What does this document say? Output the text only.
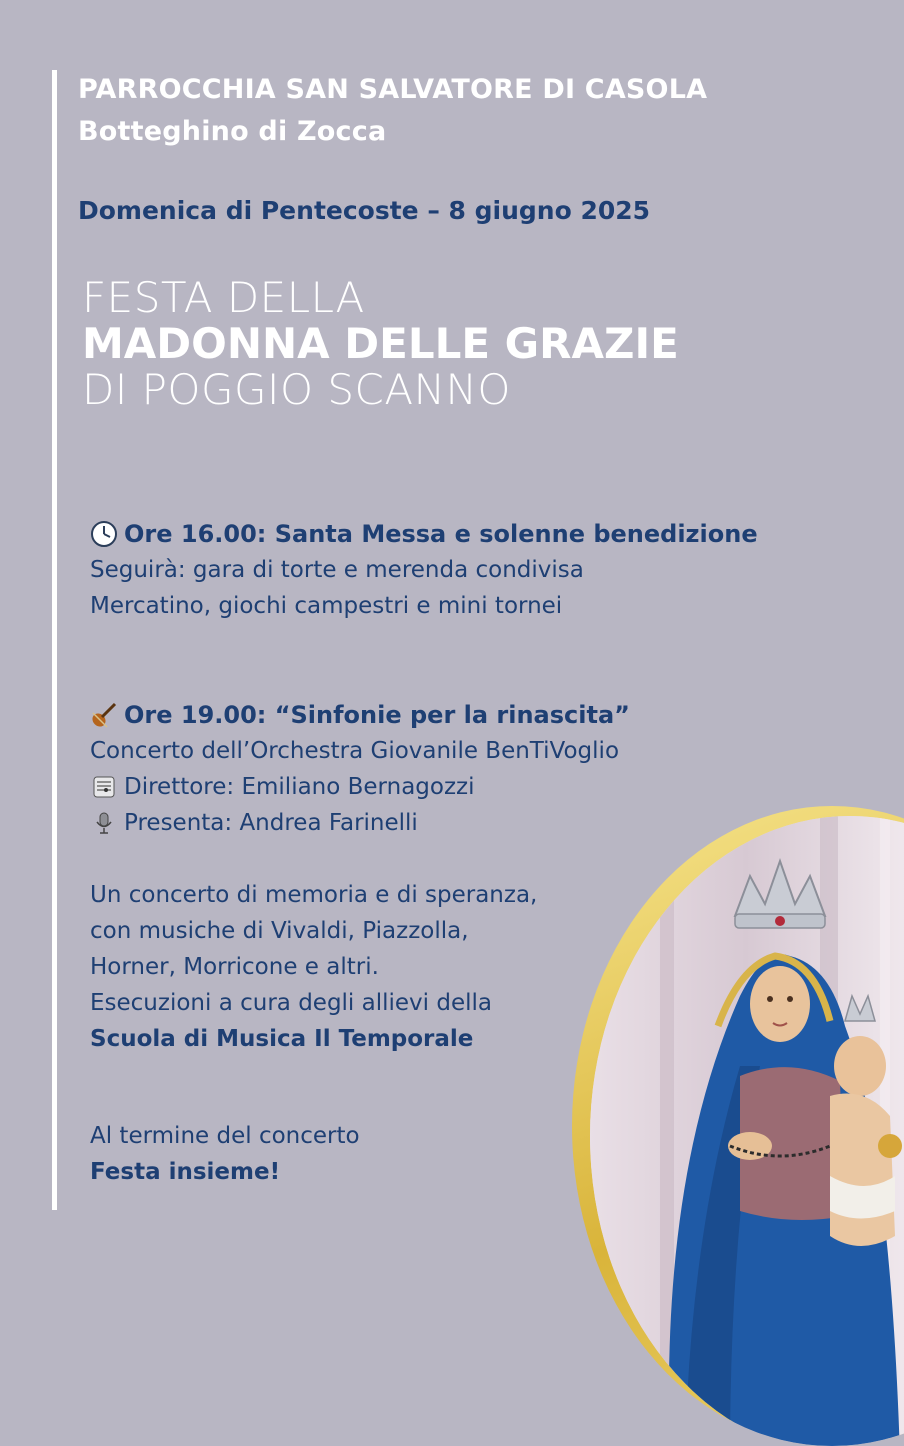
PARROCCHIA SAN SALVATORE DI CASOLA
Botteghino di Zocca
Domenica di Pentecoste – 8 giugno 2025
FESTA DELLA
MADONNA DELLE GRAZIE
DI POGGIO SCANNO
Ore 16.00: Santa Messa e solenne benedizione
Seguirà: gara di torte e merenda condivisa
Mercatino, giochi campestri e mini tornei
Ore 19.00: “Sinfonie per la rinascita”
Concerto dell’Orchestra Giovanile BenTiVoglio
Direttore: Emiliano Bernagozzi
Presenta: Andrea Farinelli
Un concerto di memoria e di speranza,
con musiche di Vivaldi, Piazzolla,
Horner, Morricone e altri.
Esecuzioni a cura degli allievi della
Scuola di Musica Il Temporale
Al termine del concerto
Festa insieme!
